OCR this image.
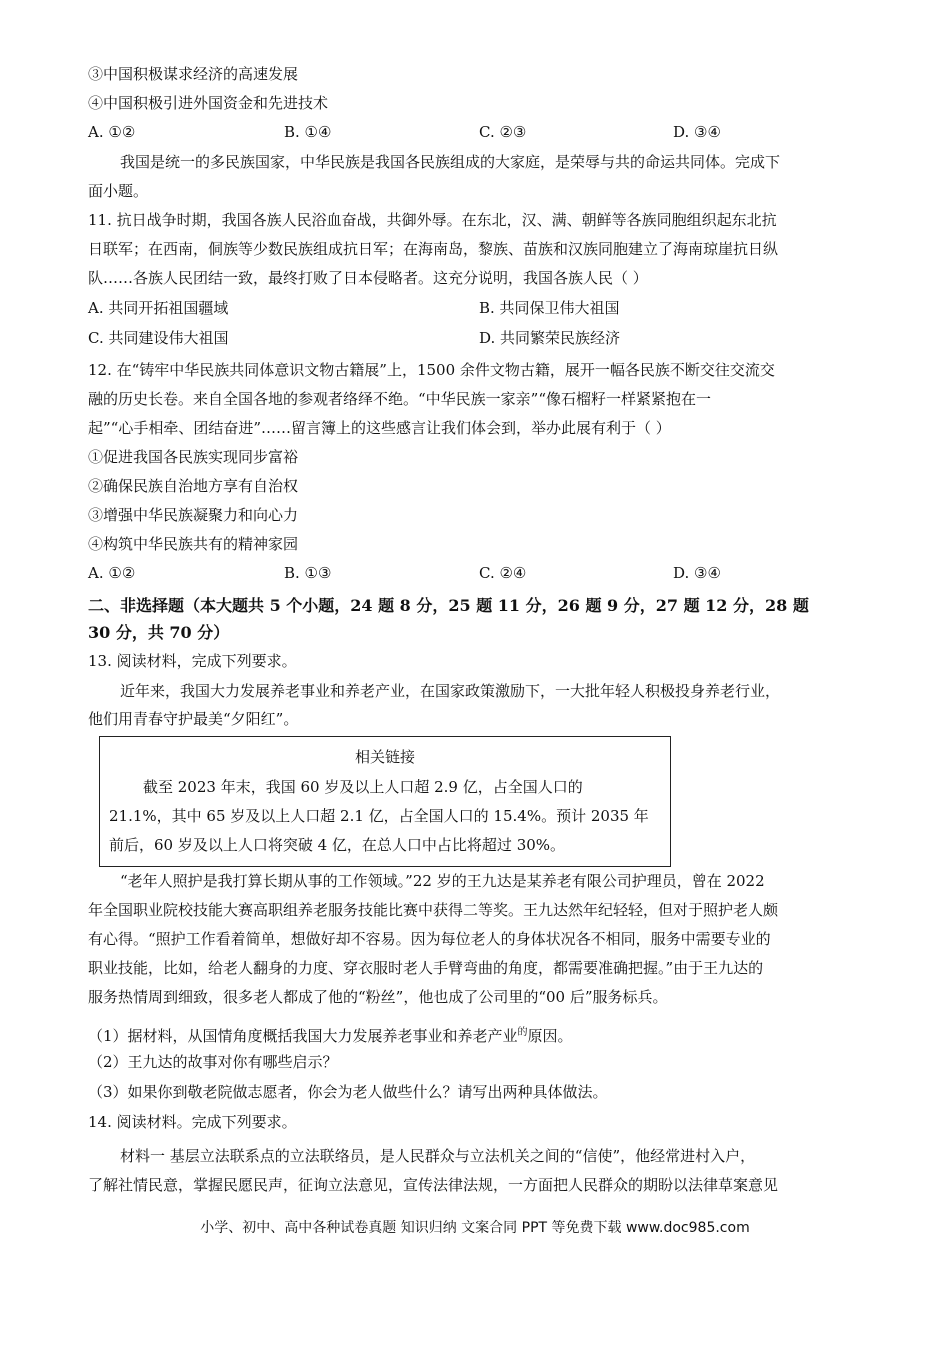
③中国积极谋求经济的高速发展
④中国积极引进外国资金和先进技术
A. ①②	B. ①④	C. ②③	D. ③④
我国是统一的多民族国家，中华民族是我国各民族组成的大家庭，是荣辱与共的命运共同体。完成下
面小题。
11. 抗日战争时期，我国各族人民浴血奋战，共御外辱。在东北，汉、满、朝鲜等各族同胞组织起东北抗
日联军；在西南，侗族等少数民族组成抗日军；在海南岛，黎族、苗族和汉族同胞建立了海南琼崖抗日纵
队……各族人民团结一致，最终打败了日本侵略者。这充分说明，我国各族人民（ ）
A. 共同开拓祖国疆域	B. 共同保卫伟大祖国
C. 共同建设伟大祖国	D. 共同繁荣民族经济
12. 在“铸牢中华民族共同体意识文物古籍展”上，1500 余件文物古籍，展开一幅各民族不断交往交流交
融的历史长卷。来自全国各地的参观者络绎不绝。“中华民族一家亲”“像石榴籽一样紧紧抱在一
起”“心手相牵、团结奋进”……留言簿上的这些感言让我们体会到，举办此展有利于（ ）
①促进我国各民族实现同步富裕
②确保民族自治地方享有自治权
③增强中华民族凝聚力和向心力
④构筑中华民族共有的精神家园
A. ①②	B. ①③	C. ②④	D. ③④
二、非选择题（本大题共 5 个小题，24 题 8 分，25 题 11 分，26 题 9 分，27 题 12 分，28 题
30 分，共 70 分）
13. 阅读材料，完成下列要求。
近年来，我国大力发展养老事业和养老产业，在国家政策激励下，一大批年轻人积极投身养老行业，
他们用青春守护最美“夕阳红”。
相关链接
截至 2023 年末，我国 60 岁及以上人口超 2.9 亿，占全国人口的
21.1%，其中 65 岁及以上人口超 2.1 亿，占全国人口的 15.4%。预计 2035 年
前后，60 岁及以上人口将突破 4 亿，在总人口中占比将超过 30%。
“老年人照护是我打算长期从事的工作领域。”22 岁的王九达是某养老有限公司护理员，曾在 2022
年全国职业院校技能大赛高职组养老服务技能比赛中获得二等奖。王九达然年纪轻轻，但对于照护老人颇
有心得。“照护工作看着简单，想做好却不容易。因为每位老人的身体状况各不相同，服务中需要专业的
职业技能，比如，给老人翻身的力度、穿衣服时老人手臂弯曲的角度，都需要准确把握。”由于王九达的
服务热情周到细致，很多老人都成了他的“粉丝”，他也成了公司里的“00 后”服务标兵。
（1）据材料，从国情角度概括我国大力发展养老事业和养老产业$^的$原因。
（2）王九达的故事对你有哪些启示？
（3）如果你到敬老院做志愿者，你会为老人做些什么？请写出两种具体做法。
14. 阅读材料。完成下列要求。
材料一 基层立法联系点的立法联络员，是人民群众与立法机关之间的“信使”，他经常进村入户，
了解社情民意，掌握民愿民声，征询立法意见，宣传法律法规，一方面把人民群众的期盼以法律草案意见
小学、初中、高中各种试卷真题 知识归纳 文案合同 PPT 等免费下载 www.doc985.com
